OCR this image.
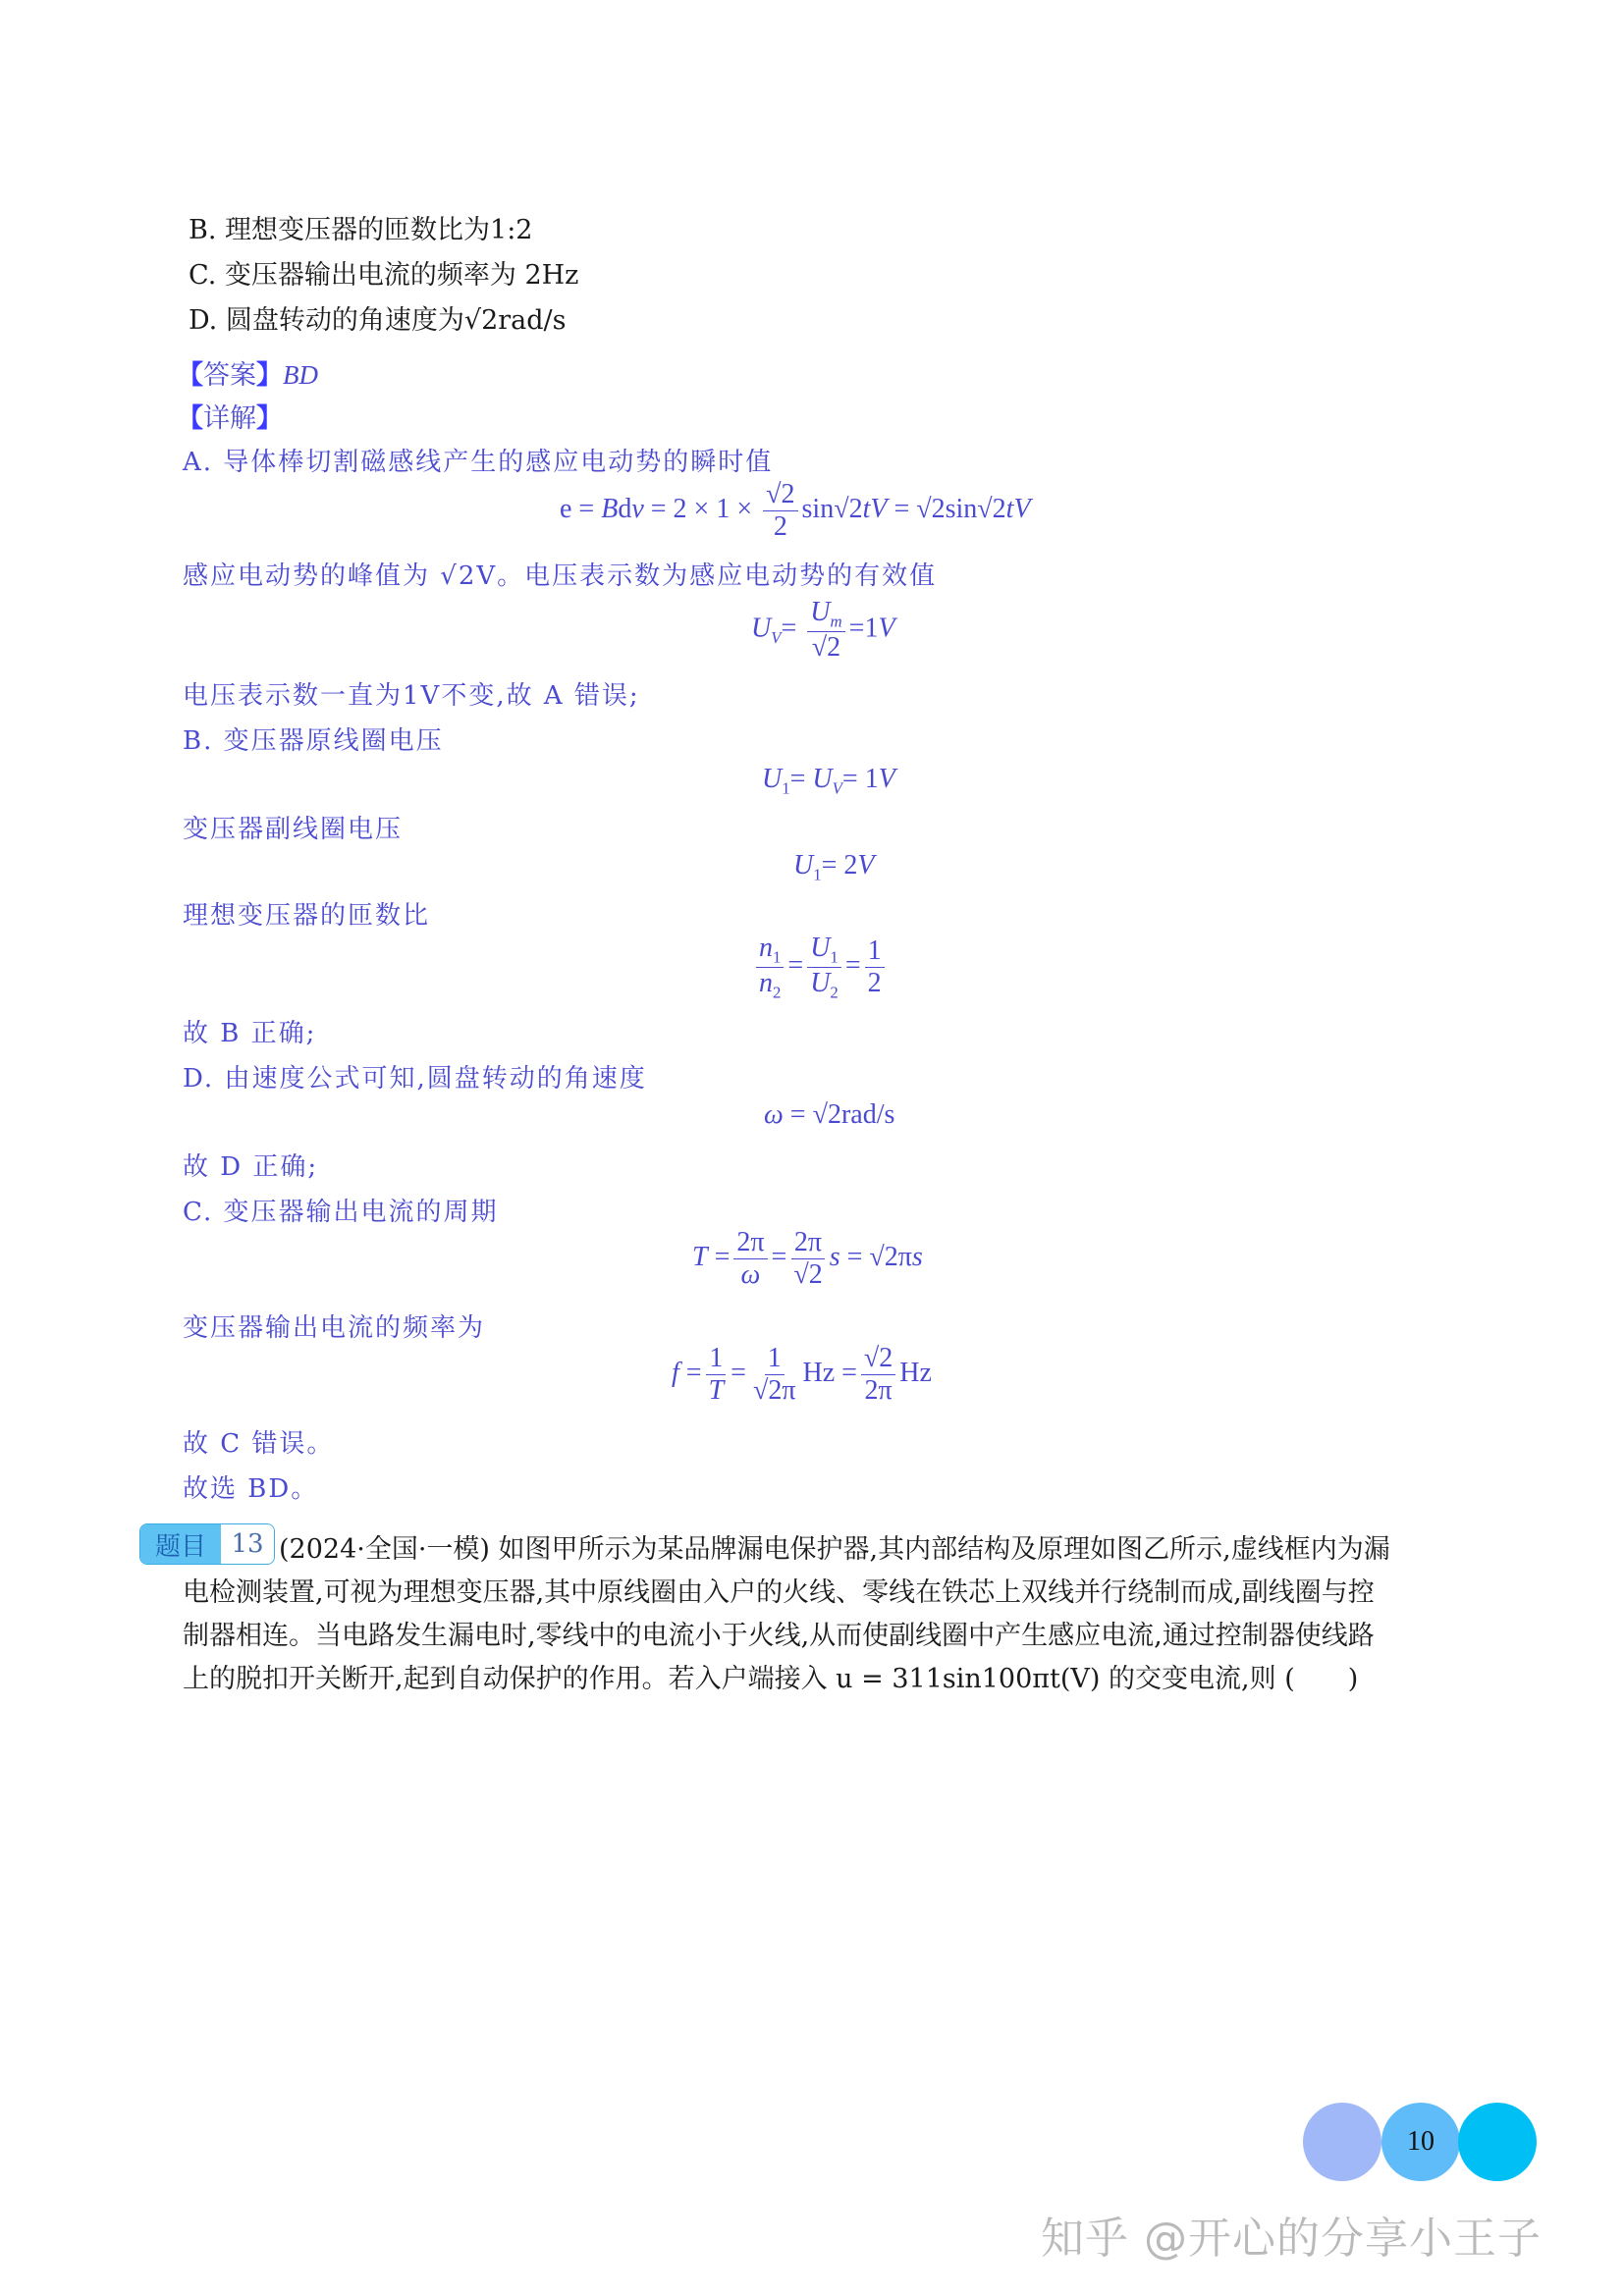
B. 理想变压器的匝数比为1:2
C. 变压器输出电流的频率为 2Hz
D. 圆盘转动的角速度为√2rad/s
【答案】BD
【详解】
A. 导体棒切割磁感线产生的感应电动势的瞬时值
e = Bdv = $2 \times 1 \times \frac{√2}{2} \sin√2tV = √2\sin√2tV$
感应电动势的峰值为 √2V。电压表示数为感应电动势的有效值
$U_V= \frac{U_m}{√2} =1V$
电压表示数一直为1V不变,故 A 错误;
B. 变压器原线圈电压
$U_1= U_V= 1V$
变压器副线圈电压
$U_1= 2V$
理想变压器的匝数比
$\frac{n_1}{n_2} = \frac{U_1}{U_2} = \frac{1}{2}$
故 B 正确;
D. 由速度公式可知,圆盘转动的角速度
ω = √2rad/s
故 D 正确;
C. 变压器输出电流的周期
$T = \frac{2\pi}{\omega} = \frac{2\pi}{√2}$ s = √2πs
变压器输出电流的频率为
$f = \frac{1}{T} = \frac{1}{√2\pi}$ $Hz = \frac{√2}{2\pi}$ Hz
故 C 错误。
故选 BD。
题目 13 (2024·全国·一模) 如图甲所示为某品牌漏电保护器,其内部结构及原理如图乙所示,虚线框内为漏
电检测装置,可视为理想变压器,其中原线圈由入户的火线、零线在铁芯上双线并行绕制而成,副线圈与控
制器相连。当电路发生漏电时,零线中的电流小于火线,从而使副线圈中产生感应电流,通过控制器使线路
上的脱扣开关断开,起到自动保护的作用。若入户端接入 u = 311sin100πt(V) 的交变电流,则 (　　)
10
知乎 @开心的分享小王子
